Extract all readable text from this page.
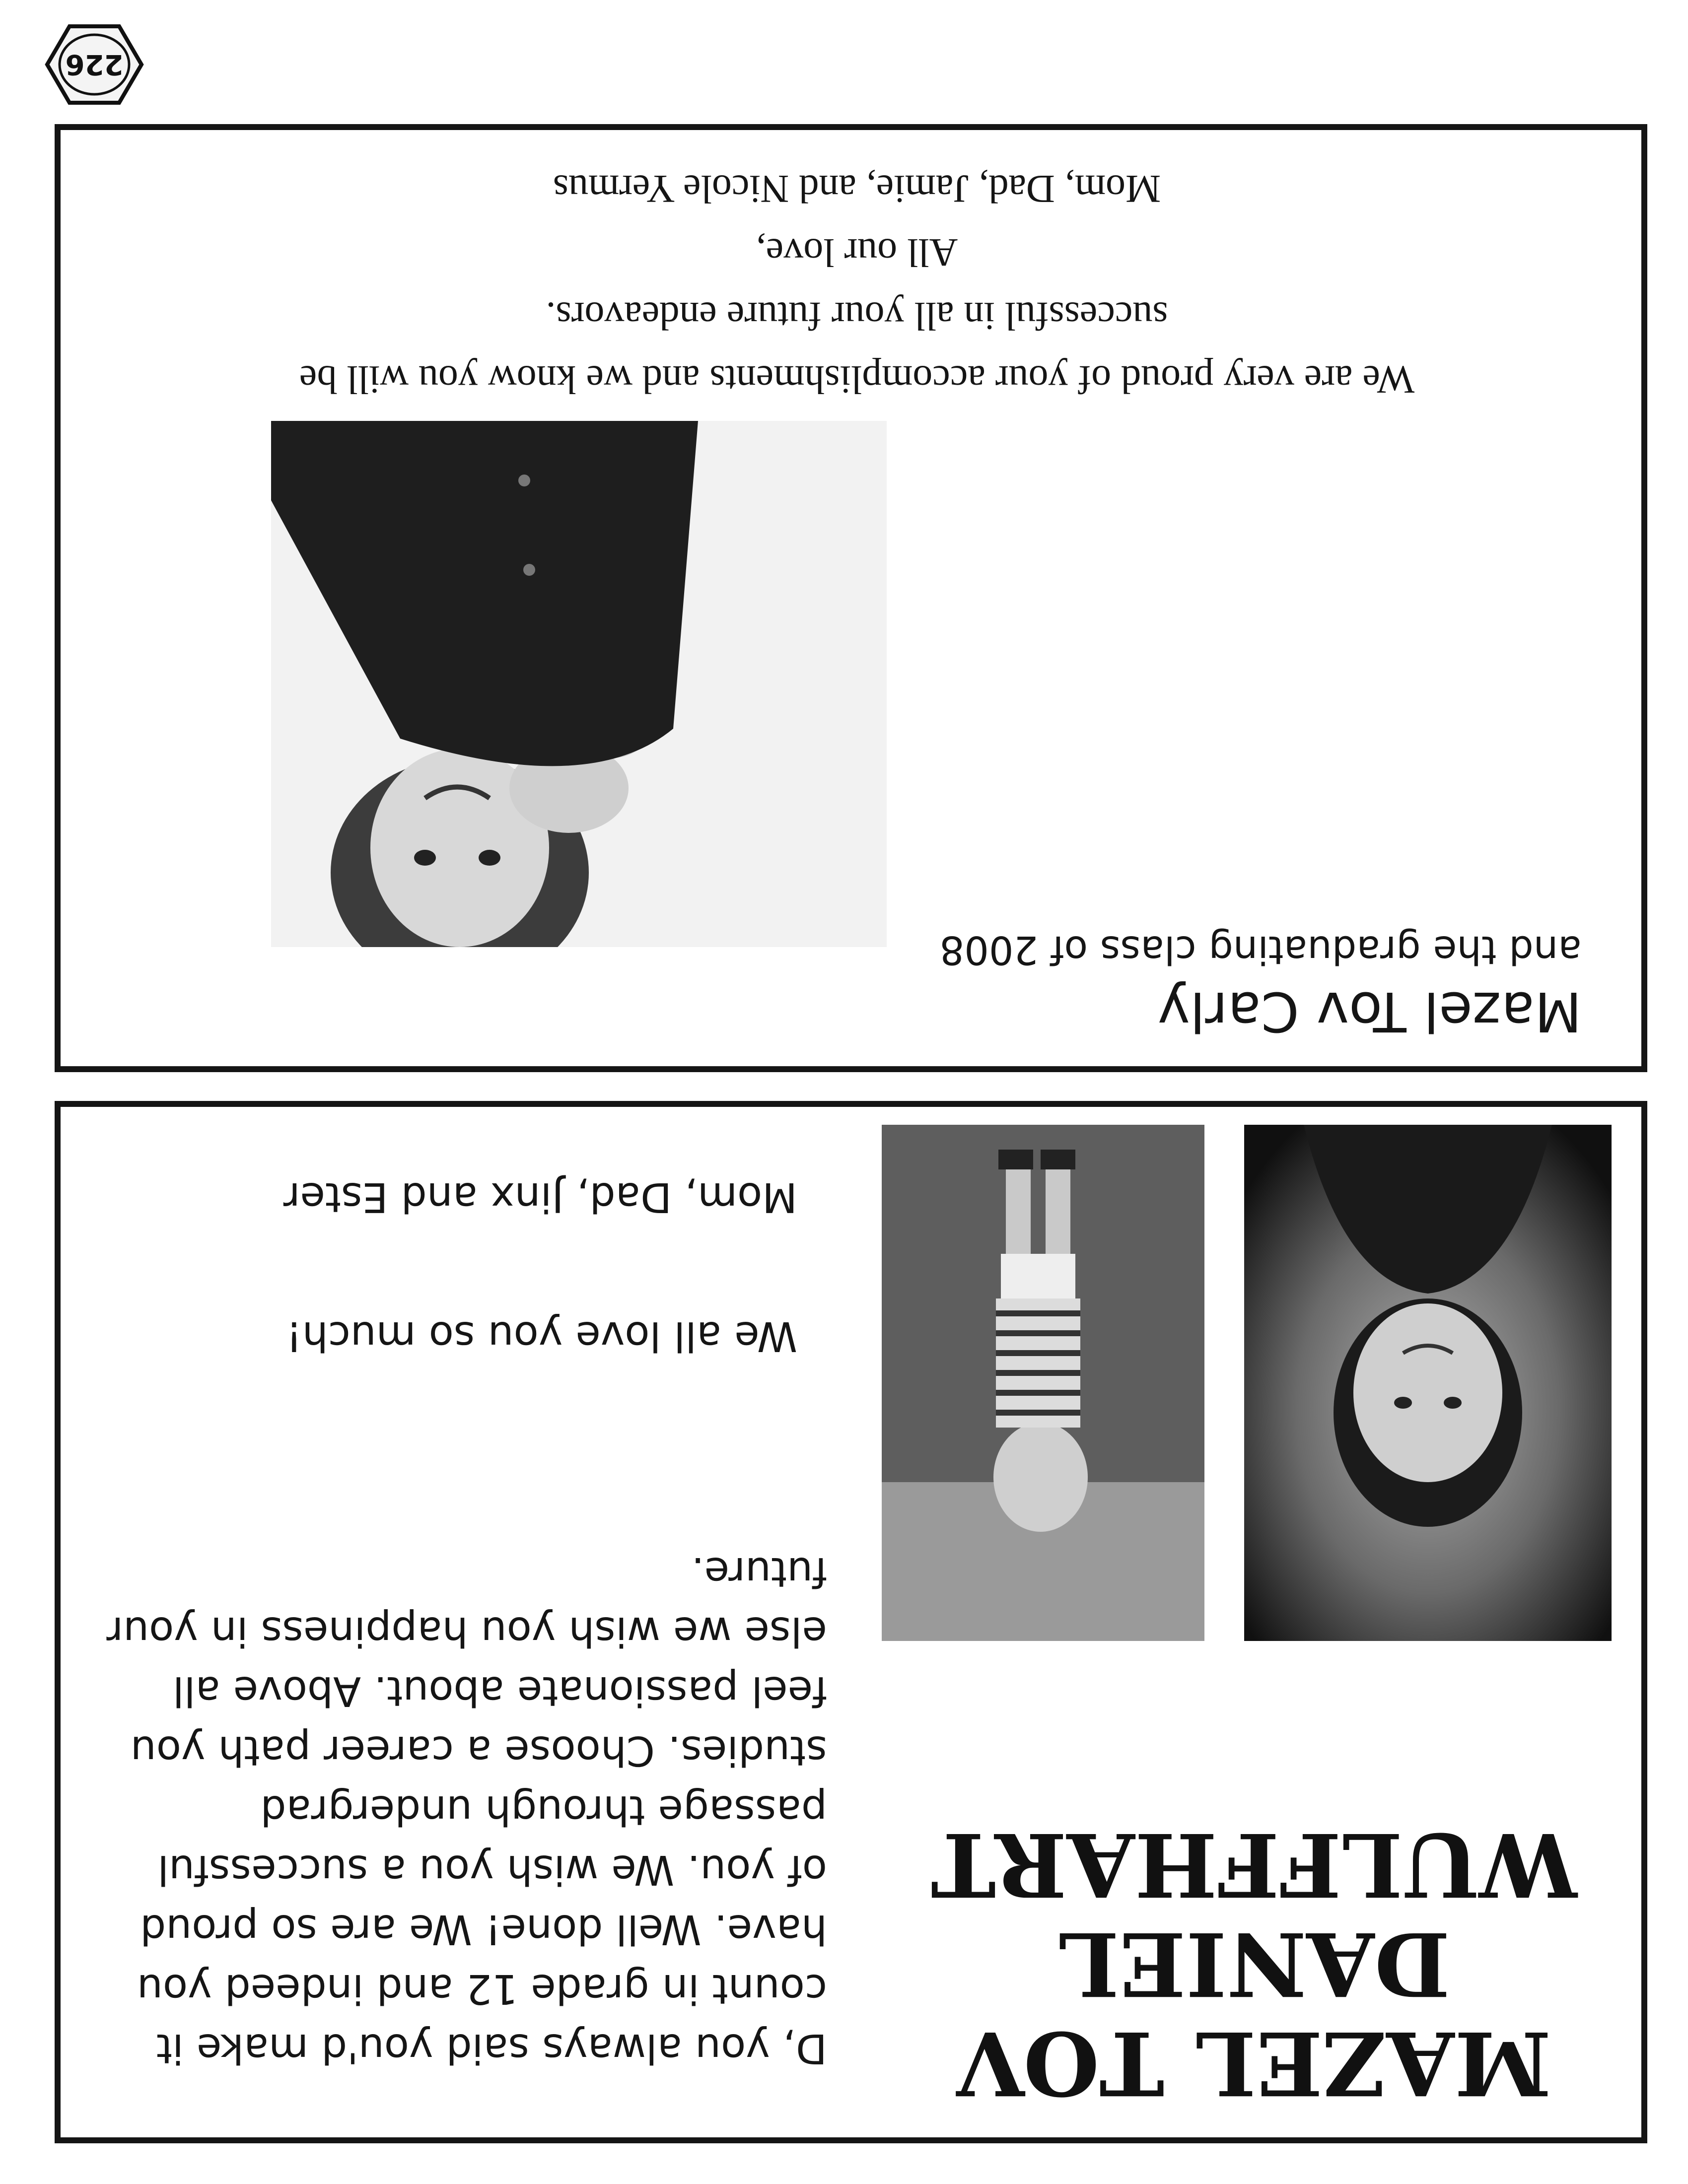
226
Mazel Tov Carly
and the graduating class of 2008
We are very proud of your accomplishments and we know you will be
successful in all your future endeavors.
All our love,
Mom, Dad, Jamie, and Nicole Yermus
MAZEL TOV
DANIEL
WULFFHART
D, you always said you'd make it count in grade 12 and indeed you have. Well done! We are so proud of you. We wish you a successful passage through undergrad studies. Choose a career path you feel passionate about. Above all else we wish you happiness in your future.
We all love you so much!
Mom, Dad, Jinx and Ester
